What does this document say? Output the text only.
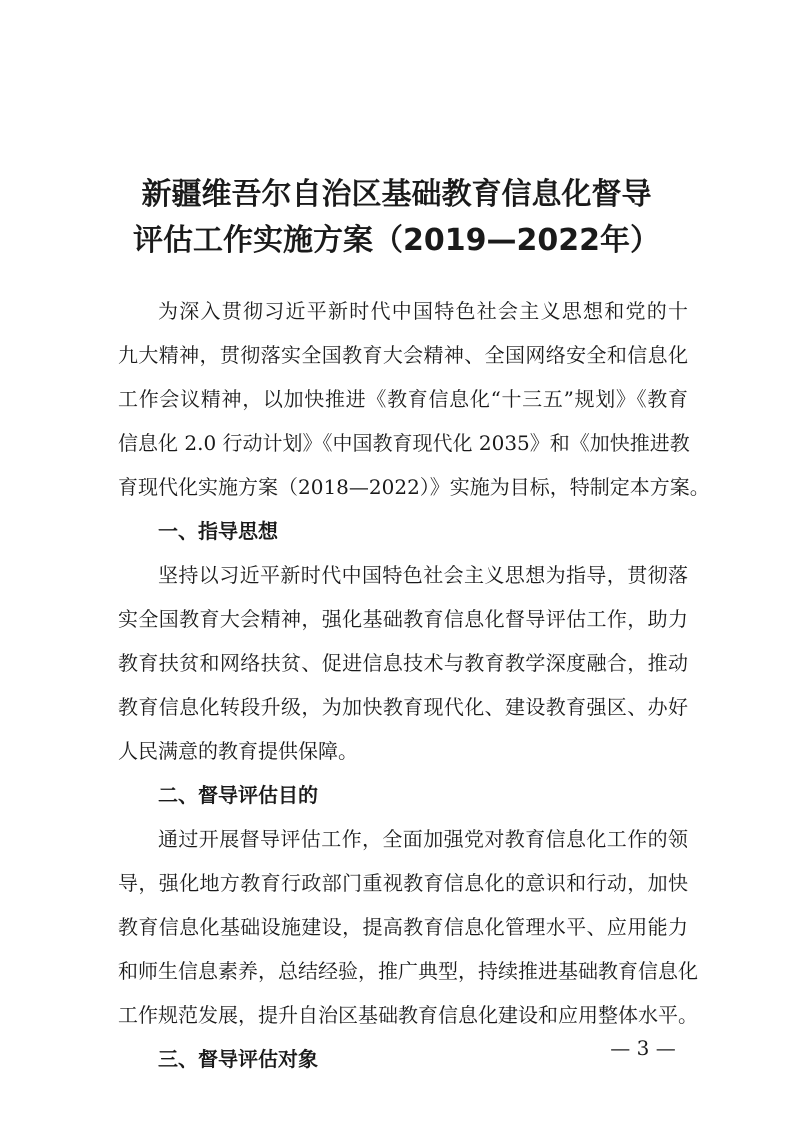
新疆维吾尔自治区基础教育信息化督导
评估工作实施方案（2019—2022年）
为深入贯彻习近平新时代中国特色社会主义思想和党的十
九大精神，贯彻落实全国教育大会精神、全国网络安全和信息化
工作会议精神，以加快推进《教育信息化“十三五”规划》《教育
信息化 2.0 行动计划》《中国教育现代化 2035》和《加快推进教
育现代化实施方案（2018—2022）》实施为目标，特制定本方案。
一、指导思想
坚持以习近平新时代中国特色社会主义思想为指导，贯彻落
实全国教育大会精神，强化基础教育信息化督导评估工作，助力
教育扶贫和网络扶贫、促进信息技术与教育教学深度融合，推动
教育信息化转段升级，为加快教育现代化、建设教育强区、办好
人民满意的教育提供保障。
二、督导评估目的
通过开展督导评估工作，全面加强党对教育信息化工作的领
导，强化地方教育行政部门重视教育信息化的意识和行动，加快
教育信息化基础设施建设，提高教育信息化管理水平、应用能力
和师生信息素养，总结经验，推广典型，持续推进基础教育信息化
工作规范发展，提升自治区基础教育信息化建设和应用整体水平。
三、督导评估对象	— 3 —
